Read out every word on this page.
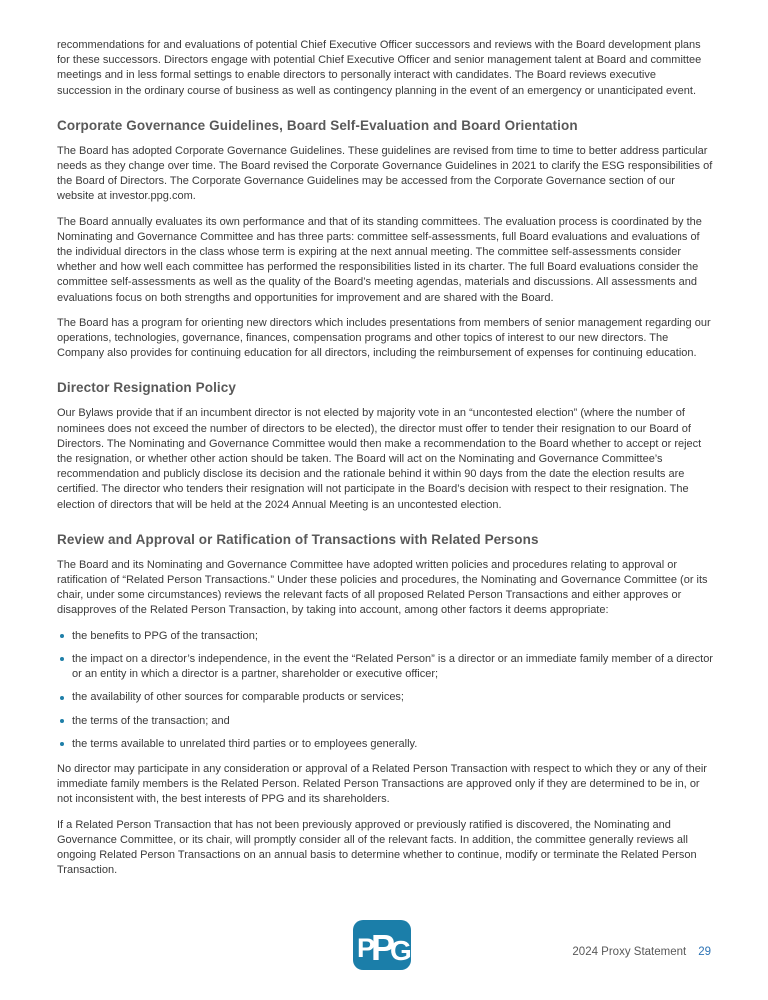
recommendations for and evaluations of potential Chief Executive Officer successors and reviews with the Board development plans for these successors. Directors engage with potential Chief Executive Officer and senior management talent at Board and committee meetings and in less formal settings to enable directors to personally interact with candidates. The Board reviews executive succession in the ordinary course of business as well as contingency planning in the event of an emergency or unanticipated event.

Corporate Governance Guidelines, Board Self-Evaluation and Board Orientation

The Board has adopted Corporate Governance Guidelines. These guidelines are revised from time to time to better address particular needs as they change over time. The Board revised the Corporate Governance Guidelines in 2021 to clarify the ESG responsibilities of the Board of Directors. The Corporate Governance Guidelines may be accessed from the Corporate Governance section of our website at investor.ppg.com.

The Board annually evaluates its own performance and that of its standing committees. The evaluation process is coordinated by the Nominating and Governance Committee and has three parts: committee self-assessments, full Board evaluations and evaluations of the individual directors in the class whose term is expiring at the next annual meeting. The committee self-assessments consider whether and how well each committee has performed the responsibilities listed in its charter. The full Board evaluations consider the committee self-assessments as well as the quality of the Board’s meeting agendas, materials and discussions. All assessments and evaluations focus on both strengths and opportunities for improvement and are shared with the Board.

The Board has a program for orienting new directors which includes presentations from members of senior management regarding our operations, technologies, governance, finances, compensation programs and other topics of interest to our new directors. The Company also provides for continuing education for all directors, including the reimbursement of expenses for continuing education.

Director Resignation Policy

Our Bylaws provide that if an incumbent director is not elected by majority vote in an “uncontested election” (where the number of nominees does not exceed the number of directors to be elected), the director must offer to tender their resignation to our Board of Directors. The Nominating and Governance Committee would then make a recommendation to the Board whether to accept or reject the resignation, or whether other action should be taken. The Board will act on the Nominating and Governance Committee’s recommendation and publicly disclose its decision and the rationale behind it within 90 days from the date the election results are certified. The director who tenders their resignation will not participate in the Board’s decision with respect to their resignation. The election of directors that will be held at the 2024 Annual Meeting is an uncontested election.

Review and Approval or Ratification of Transactions with Related Persons

The Board and its Nominating and Governance Committee have adopted written policies and procedures relating to approval or ratification of “Related Person Transactions.” Under these policies and procedures, the Nominating and Governance Committee (or its chair, under some circumstances) reviews the relevant facts of all proposed Related Person Transactions and either approves or disapproves of the Related Person Transaction, by taking into account, among other factors it deems appropriate:

the benefits to PPG of the transaction;
the impact on a director’s independence, in the event the “Related Person” is a director or an immediate family member of a director or an entity in which a director is a partner, shareholder or executive officer;
the availability of other sources for comparable products or services;
the terms of the transaction; and
the terms available to unrelated third parties or to employees generally.

No director may participate in any consideration or approval of a Related Person Transaction with respect to which they or any of their immediate family members is the Related Person. Related Person Transactions are approved only if they are determined to be in, or not inconsistent with, the best interests of PPG and its shareholders.

If a Related Person Transaction that has not been previously approved or previously ratified is discovered, the Nominating and Governance Committee, or its chair, will promptly consider all of the relevant facts. In addition, the committee generally reviews all ongoing Related Person Transactions on an annual basis to determine whether to continue, modify or terminate the Related Person Transaction.

P
P
G	2024 Proxy Statement 29
